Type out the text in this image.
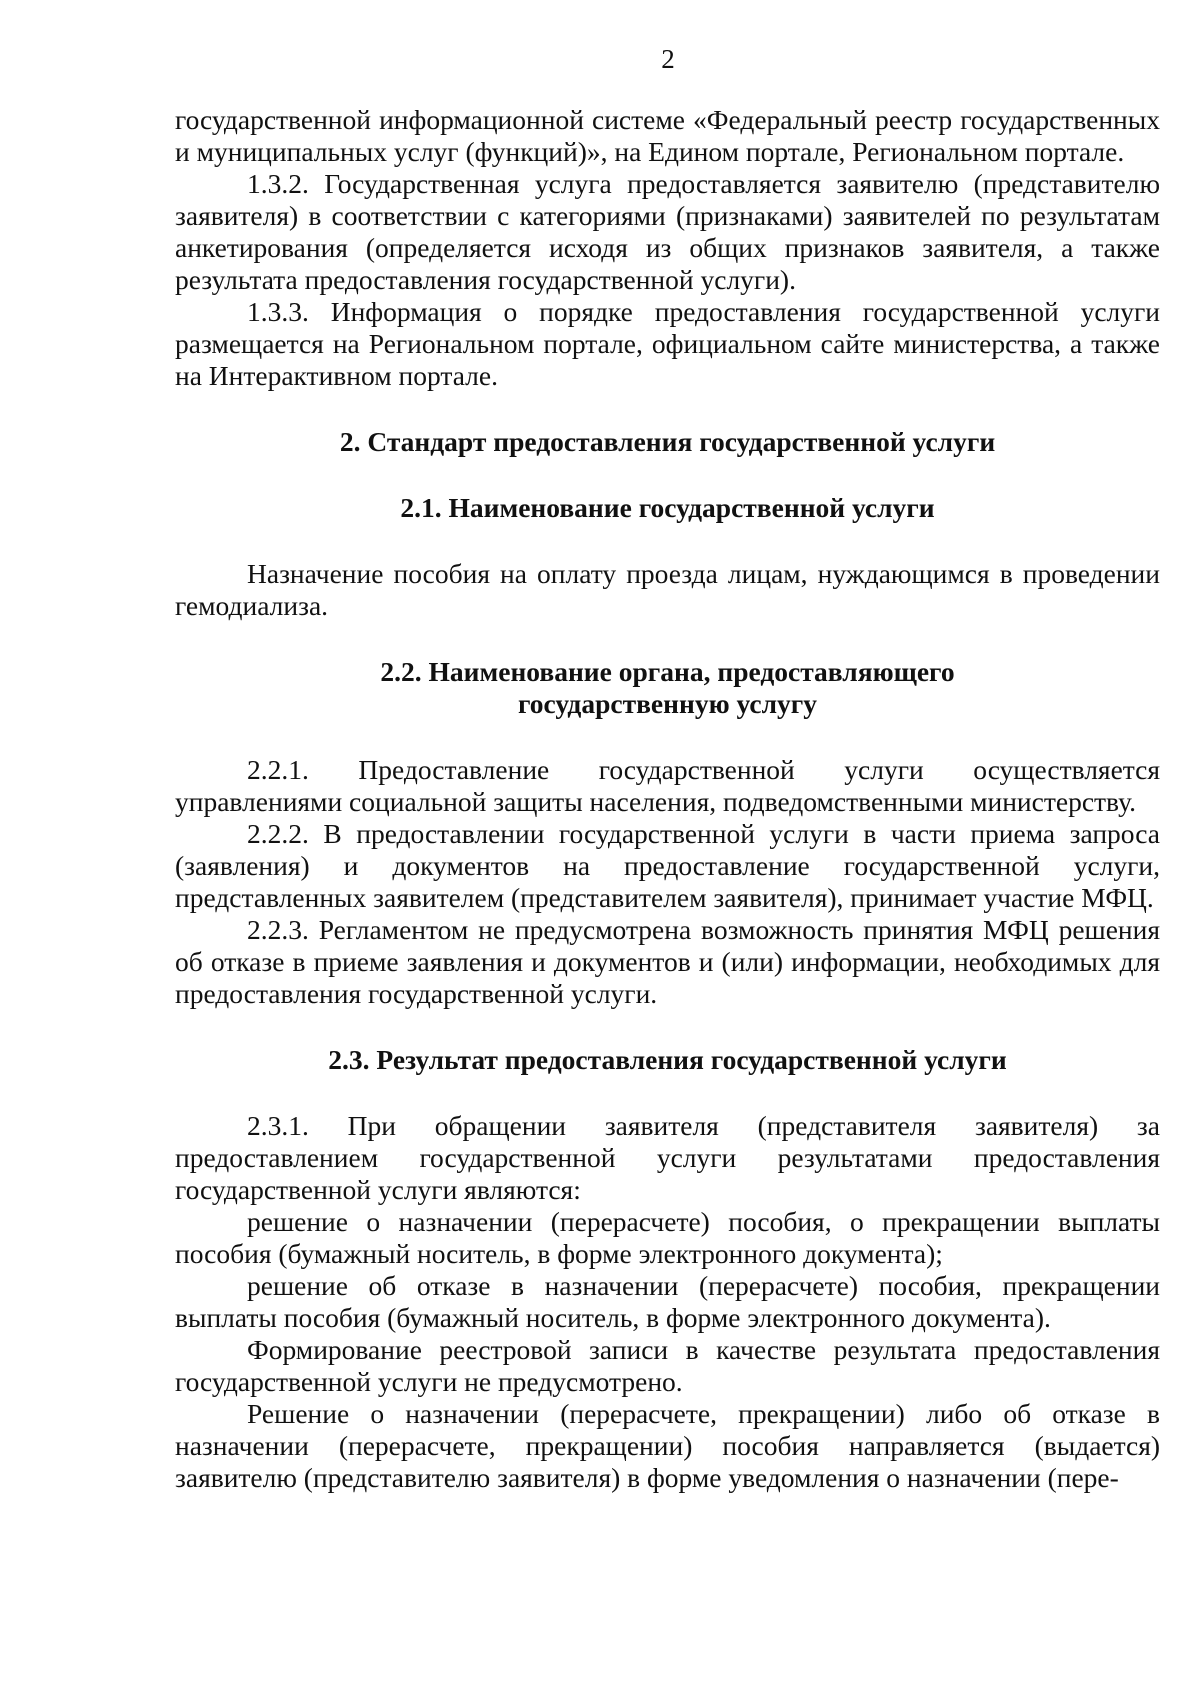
2

государственной информационной системе «Федеральный реестр государственных и муниципальных услуг (функций)», на Едином портале, Региональном портале.

1.3.2. Государственная услуга предоставляется заявителю (представителю заявителя) в соответствии с категориями (признаками) заявителей по результатам анкетирования (определяется исходя из общих признаков заявителя, а также результата предоставления государственной услуги).

1.3.3. Информация о порядке предоставления государственной услуги размещается на Региональном портале, официальном сайте министерства, а также на Интерактивном портале.

2. Стандарт предоставления государственной услуги

2.1. Наименование государственной услуги

Назначение пособия на оплату проезда лицам, нуждающимся в проведении гемодиализа.

2.2. Наименование органа, предоставляющего

государственную услугу

2.2.1. Предоставление государственной услуги осуществляется управлениями социальной защиты населения, подведомственными министерству.

2.2.2. В предоставлении государственной услуги в части приема запроса (заявления) и документов на предоставление государственной услуги, представленных заявителем (представителем заявителя), принимает участие МФЦ.

2.2.3. Регламентом не предусмотрена возможность принятия МФЦ решения об отказе в приеме заявления и документов и (или) информации, необходимых для предоставления государственной услуги.

2.3. Результат предоставления государственной услуги

2.3.1. При обращении заявителя (представителя заявителя) за предоставлением государственной услуги результатами предоставления государственной услуги являются:

решение о назначении (перерасчете) пособия, о прекращении выплаты пособия (бумажный носитель, в форме электронного документа);

решение об отказе в назначении (перерасчете) пособия, прекращении выплаты пособия (бумажный носитель, в форме электронного документа).

Формирование реестровой записи в качестве результата предоставления государственной услуги не предусмотрено.

Решение о назначении (перерасчете, прекращении) либо об отказе в назначении (перерасчете, прекращении) пособия направляется (выдается) заявителю (представителю заявителя) в форме уведомления о назначении (пере-
